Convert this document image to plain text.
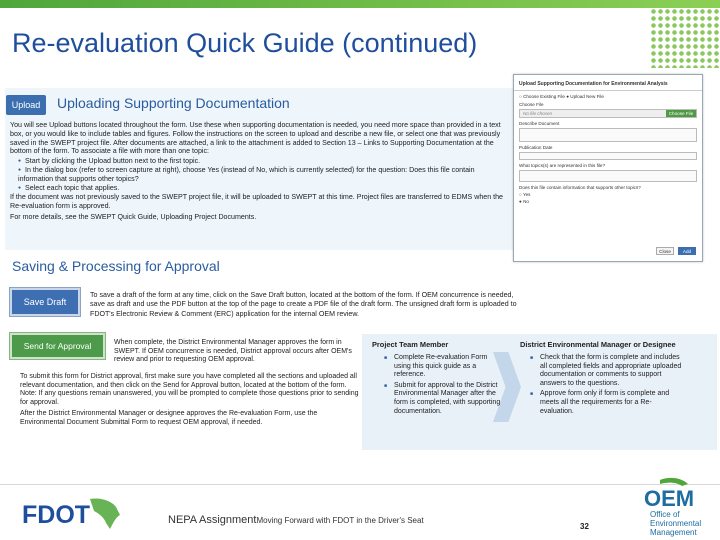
Re-evaluation Quick Guide (continued)
Upload	Uploading Supporting Documentation

You will see Upload buttons located throughout the form. Use these when supporting documentation is needed, you need more space than provided in a text box, or you would like to include tables and figures. Follow the instructions on the screen to upload and describe a new file, or select one that was previously saved in the SWEPT project file. After documents are attached, a link to the attachment is added to Section 13 – Links to Supporting Documentation at the bottom of the form. To associate a file with more than one topic:

● Start by clicking the Upload button next to the first topic.
● In the dialog box (refer to screen capture at right), choose Yes (instead of No, which is currently selected) for the question: Does this file contain information that supports other topics?
● Select each topic that applies.

If the document was not previously saved to the SWEPT project file, it will be uploaded to SWEPT at this time. Project files are transferred to EDMS when the Re-evaluation form is approved.

For more details, see the SWEPT Quick Guide, Uploading Project Documents.

Upload Supporting Documentation for Environmental Analysis
○ Choose Existing File ● Upload New File
Choose File
No file chosen	Choose File
Describe Document
Publication Date
What topics(s) are represented in this file?
Does this file contain information that supports other topics?
○ Yes
● No
Close	Add
Saving & Processing for Approval
Save Draft
To save a draft of the form at any time, click on the Save Draft button, located at the bottom of the form. If OEM concurrence is needed, save as draft and use the PDF button at the top of the page to create a PDF file of the draft form. The unsigned draft form is uploaded to FDOT's Electronic Review & Comment (ERC) application for the internal OEM review.
Send for Approval	When complete, the District Environmental Manager approves the form in SWEPT. If OEM concurrence is needed, District approval occurs after OEM's review and prior to requesting OEM approval.

To submit this form for District approval, first make sure you have completed all the sections and uploaded all relevant documentation, and then click on the Send for Approval button, located at the bottom of the form. Note: If any questions remain unanswered, you will be prompted to complete those questions prior to sending for approval.

After the District Environmental Manager or designee approves the Re-evaluation Form, use the Environmental Document Submittal Form to request OEM approval, if needed.

Project Team Member
■ Complete Re-evaluation Form using this quick guide as a reference.
■ Submit for approval to the District Environmental Manager after the form is completed, with supporting documentation.
District Environmental Manager or Designee
■ Check that the form is complete and includes all completed fields and appropriate uploaded documentation or comments to support answers to the questions.
■ Approve form only if form is complete and meets all the requirements for a Re-evaluation.
FDOT	NEPA AssignmentMoving Forward with FDOT in the Driver's Seat
32
OEM
Office of
Environmental
Management
